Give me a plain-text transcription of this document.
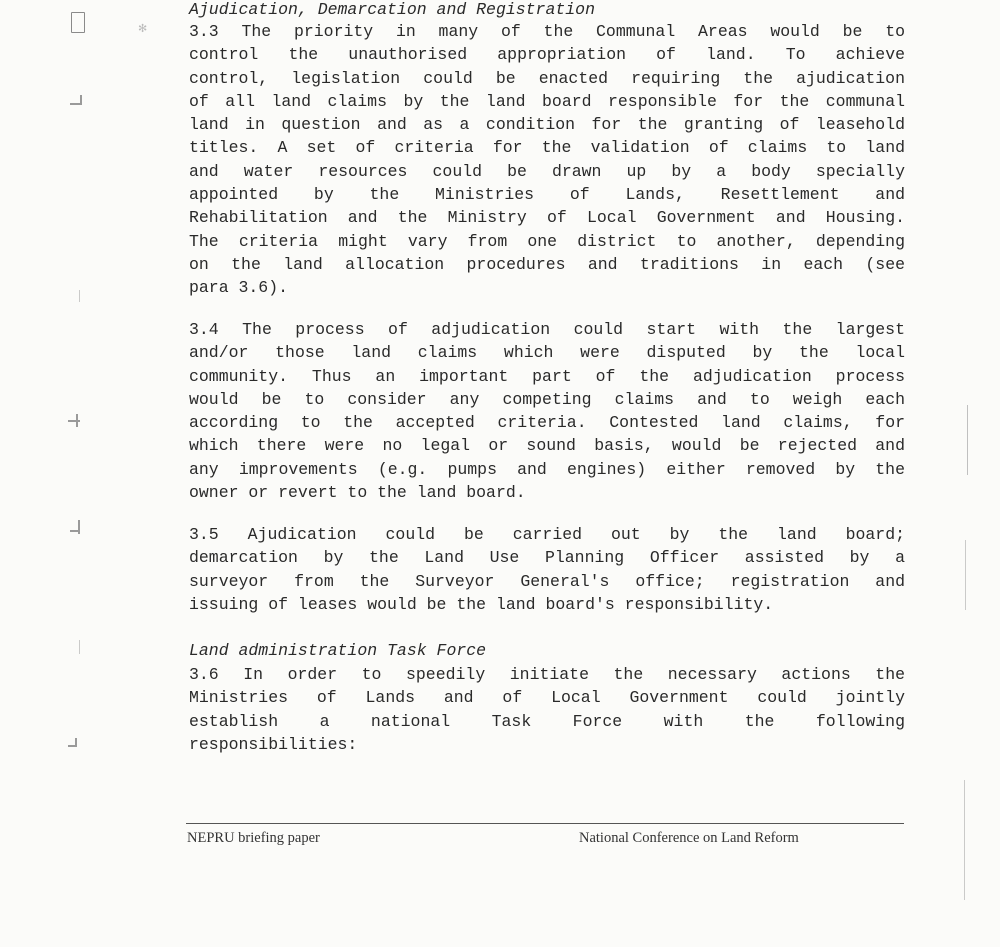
✻
Ajudication, Demarcation and Registration
3.3 The priority in many of the Communal Areas would be to
control the unauthorised appropriation of land. To achieve
control, legislation could be enacted requiring the ajudication
of all land claims by the land board responsible for the communal
land in question and as a condition for the granting of leasehold
titles. A set of criteria for the validation of claims to land
and water resources could be drawn up by a body specially
appointed by the Ministries of Lands, Resettlement and
Rehabilitation and the Ministry of Local Government and Housing.
The criteria might vary from one district to another, depending
on the land allocation procedures and traditions in each (see
para 3.6).
3.4 The process of adjudication could start with the largest
and/or those land claims which were disputed by the local
community. Thus an important part of the adjudication process
would be to consider any competing claims and to weigh each
according to the accepted criteria. Contested land claims, for
which there were no legal or sound basis, would be rejected and
any improvements (e.g. pumps and engines) either removed by the
owner or revert to the land board.
3.5 Ajudication could be carried out by the land board;
demarcation by the Land Use Planning Officer assisted by a
surveyor from the Surveyor General's office; registration and
issuing of leases would be the land board's responsibility.
Land administration Task Force
3.6 In order to speedily initiate the necessary actions the
Ministries of Lands and of Local Government could jointly
establish a national Task Force with the following
responsibilities:
NEPRU briefing paper	National Conference on Land Reform
